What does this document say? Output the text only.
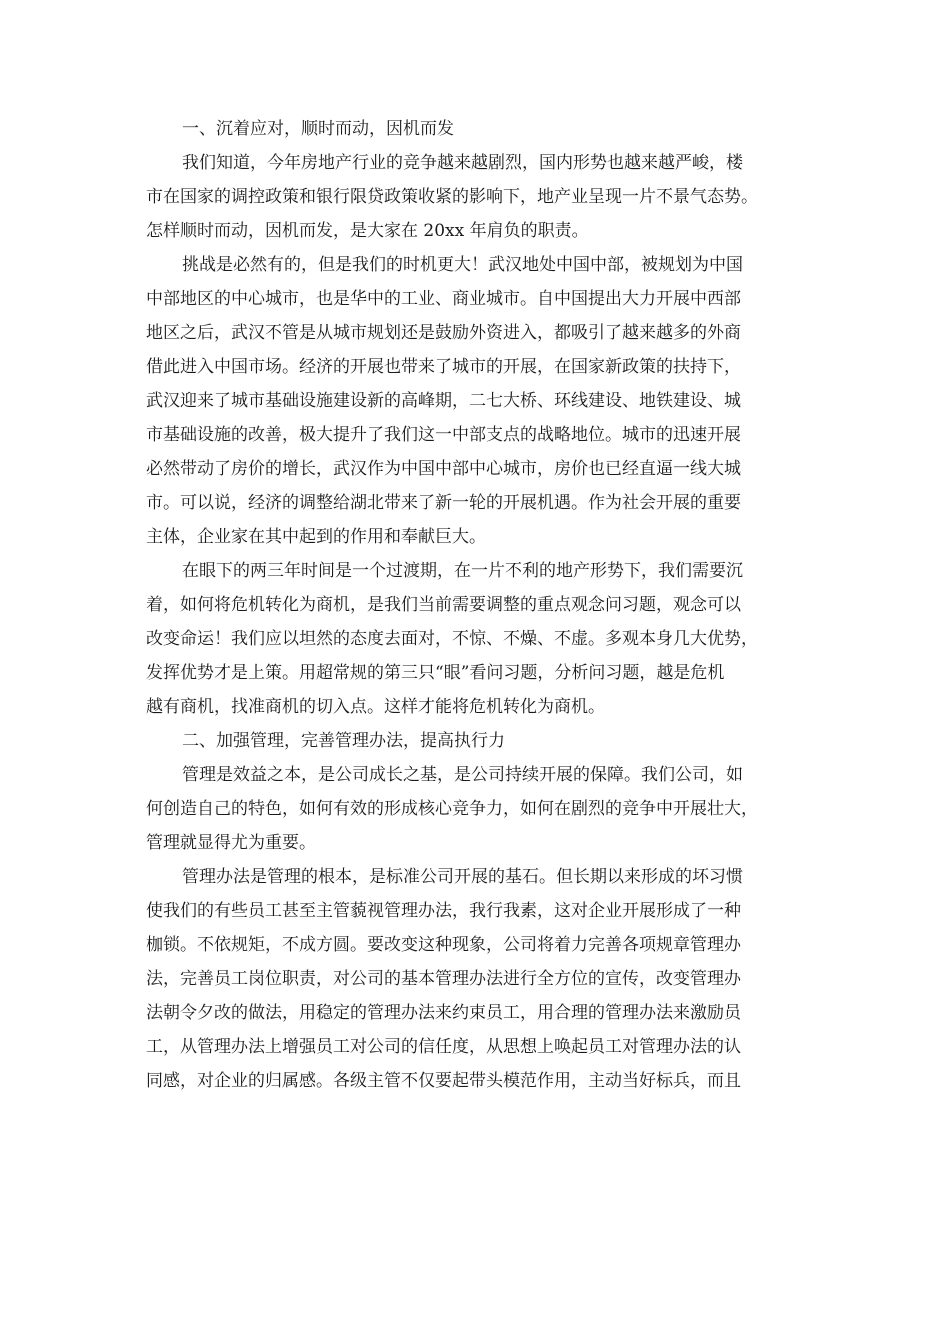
一、沉着应对，顺时而动，因机而发
我们知道，今年房地产行业的竞争越来越剧烈，国内形势也越来越严峻，楼
市在国家的调控政策和银行限贷政策收紧的影响下，地产业呈现一片不景气态势。
怎样顺时而动，因机而发，是大家在 20xx 年肩负的职责。
挑战是必然有的，但是我们的时机更大！武汉地处中国中部，被规划为中国
中部地区的中心城市，也是华中的工业、商业城市。自中国提出大力开展中西部
地区之后，武汉不管是从城市规划还是鼓励外资进入，都吸引了越来越多的外商
借此进入中国市场。经济的开展也带来了城市的开展，在国家新政策的扶持下，
武汉迎来了城市基础设施建设新的高峰期，二七大桥、环线建设、地铁建设、城
市基础设施的改善，极大提升了我们这一中部支点的战略地位。城市的迅速开展
必然带动了房价的增长，武汉作为中国中部中心城市，房价也已经直逼一线大城
市。可以说，经济的调整给湖北带来了新一轮的开展机遇。作为社会开展的重要
主体，企业家在其中起到的作用和奉献巨大。
在眼下的两三年时间是一个过渡期，在一片不利的地产形势下，我们需要沉
着，如何将危机转化为商机，是我们当前需要调整的重点观念问习题，观念可以
改变命运！我们应以坦然的态度去面对，不惊、不燥、不虚。多观本身几大优势，
发挥优势才是上策。用超常规的第三只“眼”看问习题，分析问习题，越是危机
越有商机，找准商机的切入点。这样才能将危机转化为商机。
二、加强管理，完善管理办法，提高执行力
管理是效益之本，是公司成长之基，是公司持续开展的保障。我们公司，如
何创造自己的特色，如何有效的形成核心竞争力，如何在剧烈的竞争中开展壮大，
管理就显得尤为重要。
管理办法是管理的根本，是标准公司开展的基石。但长期以来形成的坏习惯
使我们的有些员工甚至主管藐视管理办法，我行我素，这对企业开展形成了一种
枷锁。不依规矩，不成方圆。要改变这种现象，公司将着力完善各项规章管理办
法，完善员工岗位职责，对公司的基本管理办法进行全方位的宣传，改变管理办
法朝令夕改的做法，用稳定的管理办法来约束员工，用合理的管理办法来激励员
工，从管理办法上增强员工对公司的信任度，从思想上唤起员工对管理办法的认
同感，对企业的归属感。各级主管不仅要起带头模范作用，主动当好标兵，而且
